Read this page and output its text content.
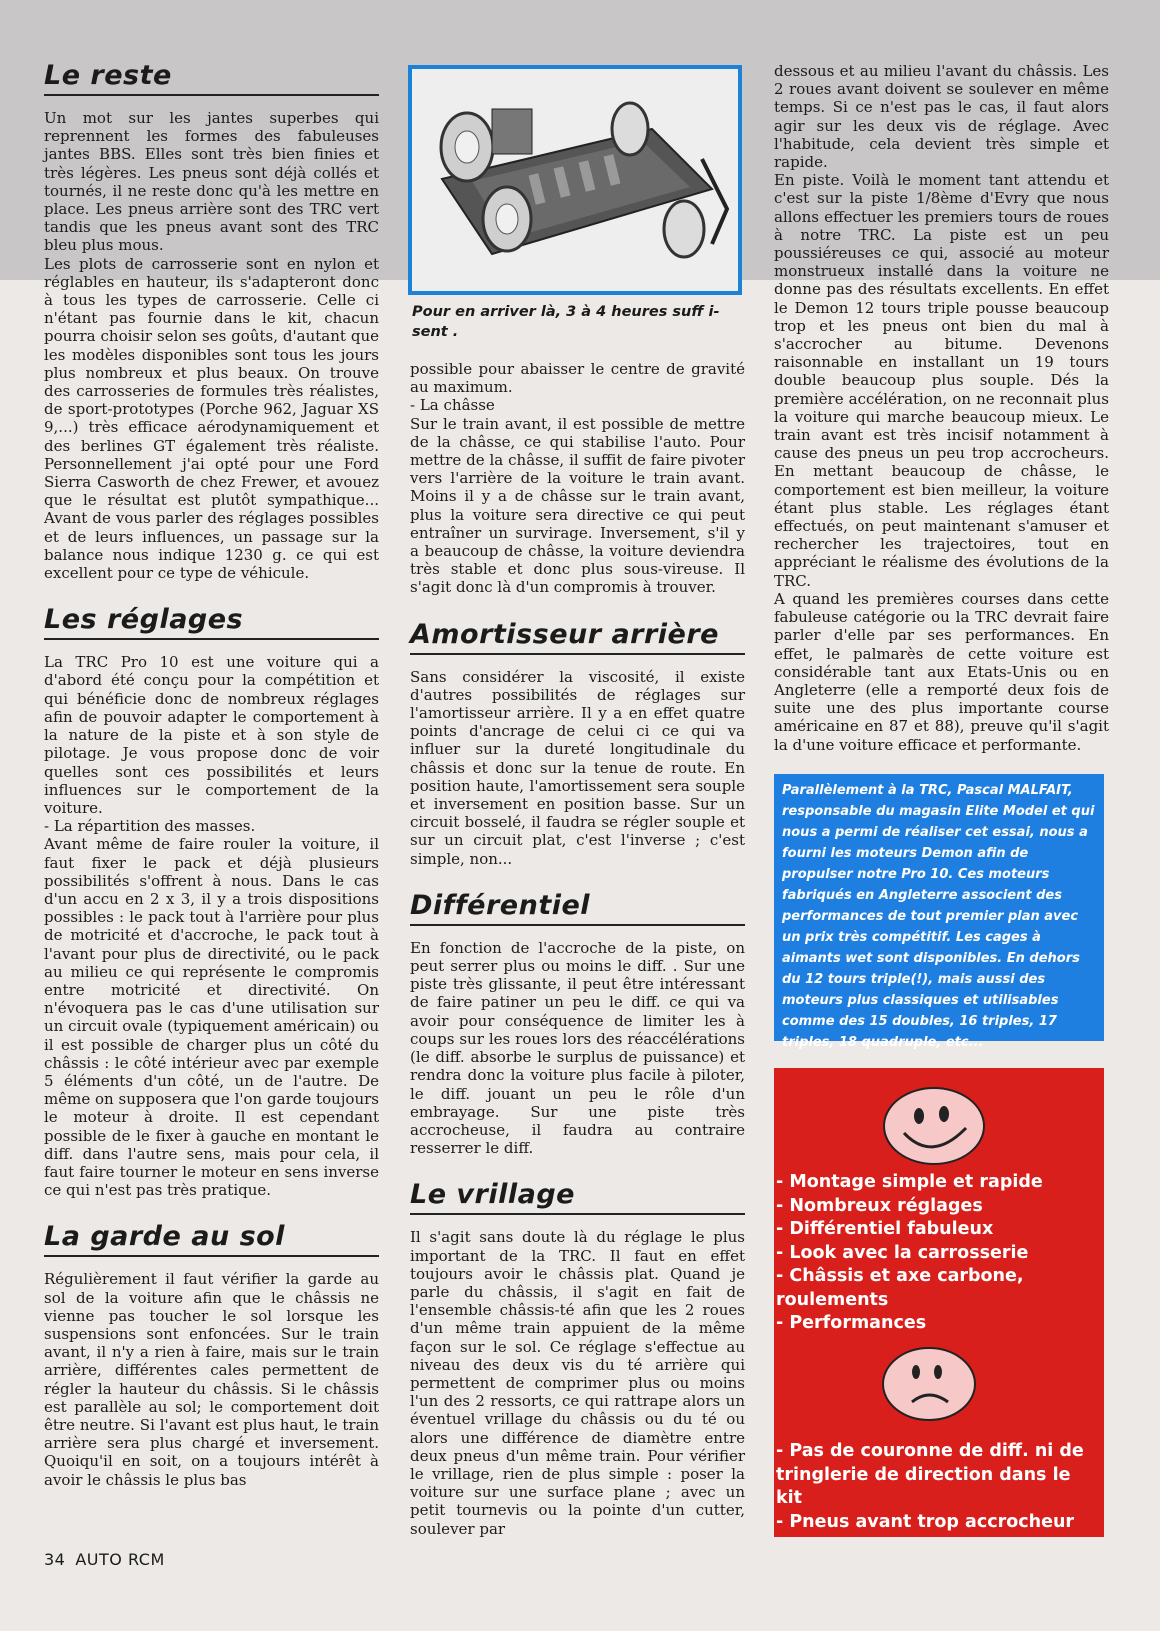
Le reste

Un mot sur les jantes superbes qui reprennent les formes des fabuleuses jantes BBS. Elles sont très bien finies et très légères. Les pneus sont déjà collés et tournés, il ne reste donc qu'à les mettre en place. Les pneus arrière sont des TRC vert tandis que les pneus avant sont des TRC bleu plus mous.

Les plots de carrosserie sont en nylon et réglables en hauteur, ils s'adapteront donc à tous les types de carrosserie. Celle ci n'étant pas fournie dans le kit, chacun pourra choisir selon ses goûts, d'autant que les modèles disponibles sont tous les jours plus nombreux et plus beaux. On trouve des carrosseries de formules très réalistes, de sport-prototypes (Porche 962, Jaguar XS 9,...) très efficace aérodynamiquement et des berlines GT également très réaliste. Personnellement j'ai opté pour une Ford Sierra Casworth de chez Frewer, et avouez que le résultat est plutôt sympathique... Avant de vous parler des réglages possibles et de leurs influences, un passage sur la balance nous indique 1230 g. ce qui est excellent pour ce type de véhicule.

Les réglages

La TRC Pro 10 est une voiture qui a d'abord été conçu pour la compétition et qui bénéficie donc de nombreux réglages afin de pouvoir adapter le comportement à la nature de la piste et à son style de pilotage. Je vous propose donc de voir quelles sont ces possibilités et leurs influences sur le comportement de la voiture.

- La répartition des masses.

Avant même de faire rouler la voiture, il faut fixer le pack et déjà plusieurs possibilités s'offrent à nous. Dans le cas d'un accu en 2 x 3, il y a trois dispositions possibles : le pack tout à l'arrière pour plus de motricité et d'accroche, le pack tout à l'avant pour plus de directivité, ou le pack au milieu ce qui représente le compromis entre motricité et directivité. On n'évoquera pas le cas d'une utilisation sur un circuit ovale (typiquement américain) ou il est possible de charger plus un côté du châssis : le côté intérieur avec par exemple 5 éléments d'un côté, un de l'autre. De même on supposera que l'on garde toujours le moteur à droite. Il est cependant possible de le fixer à gauche en montant le diff. dans l'autre sens, mais pour cela, il faut faire tourner le moteur en sens inverse ce qui n'est pas très pratique.

La garde au sol

Régulièrement il faut vérifier la garde au sol de la voiture afin que le châssis ne vienne pas toucher le sol lorsque les suspensions sont enfoncées. Sur le train avant, il n'y a rien à faire, mais sur le train arrière, différentes cales permettent de régler la hauteur du châssis. Si le châssis est parallèle au sol; le comportement doit être neutre. Si l'avant est plus haut, le train arrière sera plus chargé et inversement. Quoiqu'il en soit, on a toujours intérêt à avoir le châssis le plus bas

Pour en arriver là, 3 à 4 heures suff i- sent .

possible pour abaisser le centre de gravité au maximum.

- La châsse

Sur le train avant, il est possible de mettre de la châsse, ce qui stabilise l'auto. Pour mettre de la châsse, il suffit de faire pivoter vers l'arrière de la voiture le train avant. Moins il y a de châsse sur le train avant, plus la voiture sera directive ce qui peut entraîner un survirage. Inversement, s'il y a beaucoup de châsse, la voiture deviendra très stable et donc plus sous-vireuse. Il s'agit donc là d'un compromis à trouver.

Amortisseur arrière

Sans considérer la viscosité, il existe d'autres possibilités de réglages sur l'amortisseur arrière. Il y a en effet quatre points d'ancrage de celui ci ce qui va influer sur la dureté longitudinale du châssis et donc sur la tenue de route. En position haute, l'amortissement sera souple et inversement en position basse. Sur un circuit bosselé, il faudra se régler souple et sur un circuit plat, c'est l'inverse ; c'est simple, non...

Différentiel

En fonction de l'accroche de la piste, on peut serrer plus ou moins le diff. . Sur une piste très glissante, il peut être intéressant de faire patiner un peu le diff. ce qui va avoir pour conséquence de limiter les à coups sur les roues lors des réaccélérations (le diff. absorbe le surplus de puissance) et rendra donc la voiture plus facile à piloter, le diff. jouant un peu le rôle d'un embrayage. Sur une piste très accrocheuse, il faudra au contraire resserrer le diff.

Le vrillage

Il s'agit sans doute là du réglage le plus important de la TRC. Il faut en effet toujours avoir le châssis plat. Quand je parle du châssis, il s'agit en fait de l'ensemble châssis-té afin que les 2 roues d'un même train appuient de la même façon sur le sol. Ce réglage s'effectue au niveau des deux vis du té arrière qui permettent de comprimer plus ou moins l'un des 2 ressorts, ce qui rattrape alors un éventuel vrillage du châssis ou du té ou alors une différence de diamètre entre deux pneus d'un même train. Pour vérifier le vrillage, rien de plus simple : poser la voiture sur une surface plane ; avec un petit tournevis ou la pointe d'un cutter, soulever par

dessous et au milieu l'avant du châssis. Les 2 roues avant doivent se soulever en même temps. Si ce n'est pas le cas, il faut alors agir sur les deux vis de réglage. Avec l'habitude, cela devient très simple et rapide.

En piste. Voilà le moment tant attendu et c'est sur la piste 1/8ème d'Evry que nous allons effectuer les premiers tours de roues à notre TRC. La piste est un peu poussiéreuses ce qui, associé au moteur monstrueux installé dans la voiture ne donne pas des résultats excellents. En effet le Demon 12 tours triple pousse beaucoup trop et les pneus ont bien du mal à s'accrocher au bitume. Devenons raisonnable en installant un 19 tours double beaucoup plus souple. Dés la première accélération, on ne reconnait plus la voiture qui marche beaucoup mieux. Le train avant est très incisif notamment à cause des pneus un peu trop accrocheurs. En mettant beaucoup de châsse, le comportement est bien meilleur, la voiture étant plus stable. Les réglages étant effectués, on peut maintenant s'amuser et rechercher les trajectoires, tout en appréciant le réalisme des évolutions de la TRC.

A quand les premières courses dans cette fabuleuse catégorie ou la TRC devrait faire parler d'elle par ses performances. En effet, le palmarès de cette voiture est considérable tant aux Etats-Unis ou en Angleterre (elle a remporté deux fois de suite une des plus importante course américaine en 87 et 88), preuve qu'il s'agit la d'une voiture efficace et performante.

Parallèlement à la TRC, Pascal MALFAIT, responsable du magasin Elite Model et qui nous a permi de réaliser cet essai, nous a fourni les moteurs Demon afin de propulser notre Pro 10. Ces moteurs fabriqués en Angleterre associent des performances de tout premier plan avec un prix très compétitif. Les cages à aimants wet sont disponibles. En dehors du 12 tours triple(!), mais aussi des moteurs plus classiques et utilisables comme des 15 doubles, 16 triples, 17 triples, 18 quadruple, etc...
- Montage simple et rapide
- Nombreux réglages
- Différentiel fabuleux
- Look avec la carrosserie
- Châssis et axe carbone, roulements
- Performances
- Pas de couronne de diff. ni de tringlerie de direction dans le kit
- Pneus avant trop accrocheur
34 AUTO RCM
